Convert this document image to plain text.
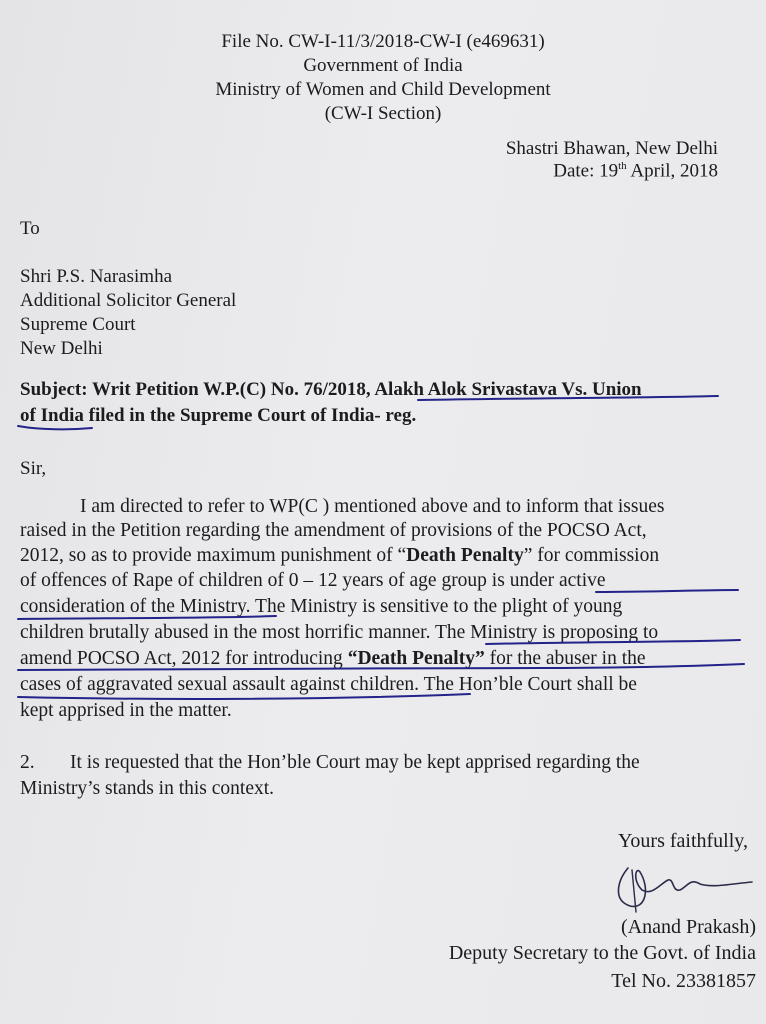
File No. CW-I-11/3/2018-CW-I (e469631)
Government of India
Ministry of Women and Child Development
(CW-I Section)
Shastri Bhawan, New Delhi
Date: 19th April, 2018
To
Shri P.S. Narasimha
Additional Solicitor General
Supreme Court
New Delhi
Subject: Writ Petition W.P.(C) No. 76/2018, Alakh Alok Srivastava Vs. Union
of India filed in the Supreme Court of India- reg.
Sir,
I am directed to refer to WP(C ) mentioned above and to inform that issues
raised in the Petition regarding the amendment of provisions of the POCSO Act,
2012, so as to provide maximum punishment of “Death Penalty” for commission
of offences of Rape of children of 0 – 12 years of age group is under active
consideration of the Ministry. The Ministry is sensitive to the plight of young
children brutally abused in the most horrific manner. The Ministry is proposing to
amend POCSO Act, 2012 for introducing “Death Penalty” for the abuser in the
cases of aggravated sexual assault against children. The Hon’ble Court shall be
kept apprised in the matter.
2. It is requested that the Hon’ble Court may be kept apprised regarding the
Ministry’s stands in this context.
Yours faithfully,
(Anand Prakash)
Deputy Secretary to the Govt. of India
Tel No. 23381857
